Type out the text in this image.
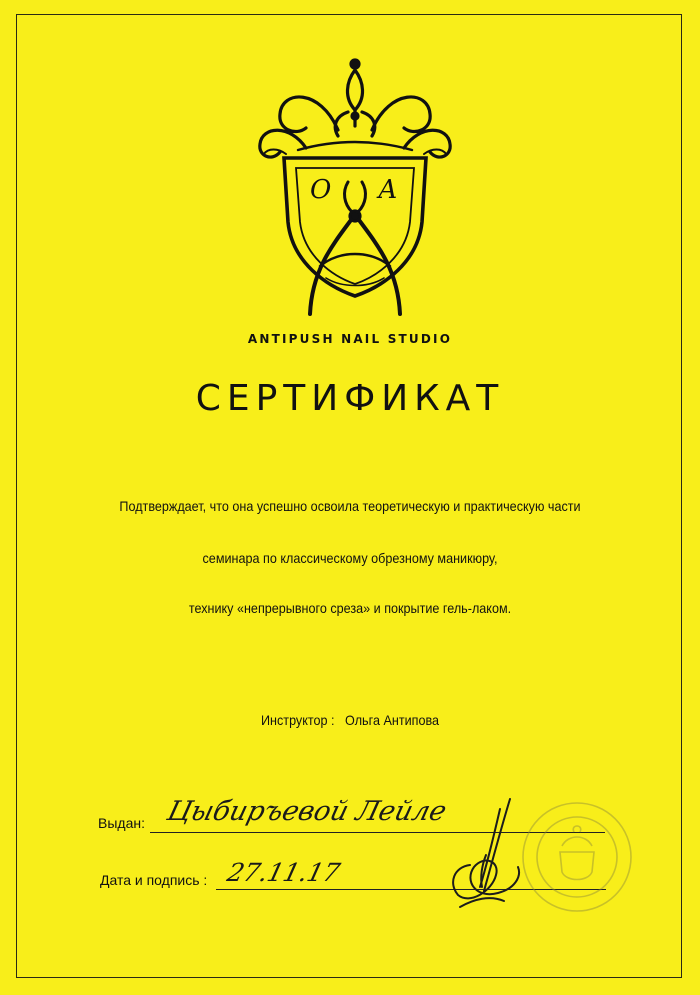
О А
ANTIPUSH NAIL STUDIO
СЕРТИФИКАТ
Подтверждает, что она успешно освоила теоретическую и практическую части
семинара по классическому обрезному маникюру,
технику «непрерывного среза» и покрытие гель-лаком.
Инструктор : Ольга Антипова
Выдан: Цыбиръевой Лейле
Дата и подпись : 27.11.17
